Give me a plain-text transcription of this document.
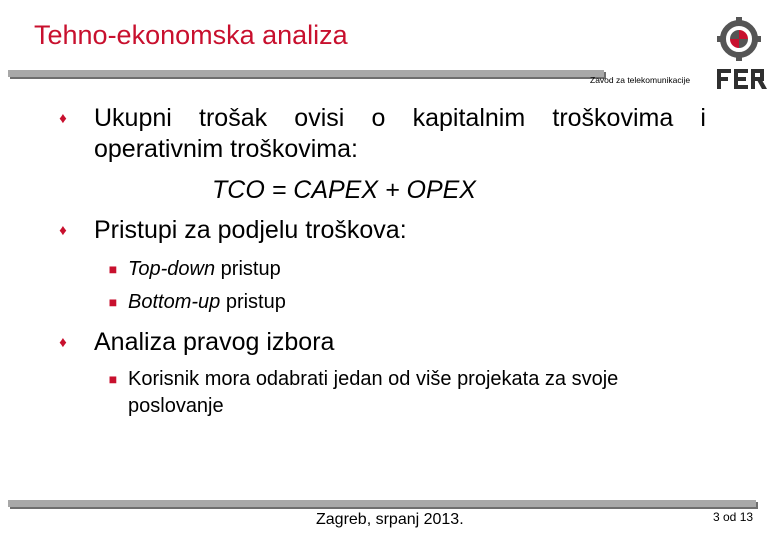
Tehno-ekonomska analiza
Zavod za telekomunikacije
♦ Ukupni trošak ovisi o kapitalnim troškovima i
operativnim troškovima:
TCO = CAPEX + OPEX
♦ Pristupi za podjelu troškova:
■ Top-down pristup
■ Bottom-up pristup
♦ Analiza pravog izbora
■ Korisnik mora odabrati jedan od više projekata za svoje
poslovanje
Zagreb, srpanj 2013.	3 od 13
